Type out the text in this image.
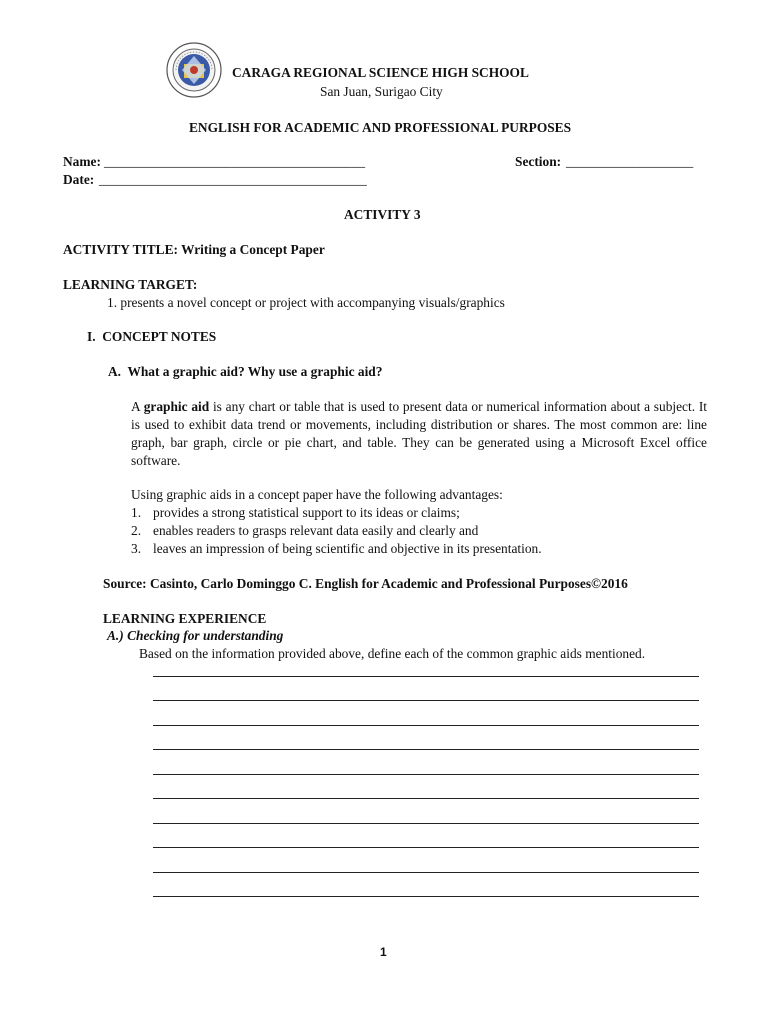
CARAGA REGIONAL SCIENCE HIGH SCHOOL
San Juan, Surigao City
ENGLISH FOR ACADEMIC AND PROFESSIONAL PURPOSES
Name: _______________________________________	Section: ___________________
Date: ________________________________________
ACTIVITY 3
ACTIVITY TITLE: Writing a Concept Paper
LEARNING TARGET:
1. presents a novel concept or project with accompanying visuals/graphics
I.  CONCEPT NOTES
A.  What a graphic aid? Why use a graphic aid?
A graphic aid is any chart or table that is used to present data or numerical information about a subject. It is used to exhibit data trend or movements, including distribution or shares. The most common are: line graph, bar graph, circle or pie chart, and table. They can be generated using a Microsoft Excel office software.
Using graphic aids in a concept paper have the following advantages:
1. provides a strong statistical support to its ideas or claims;
2. enables readers to grasps relevant data easily and clearly and
3. leaves an impression of being scientific and objective in its presentation.
Source: Casinto, Carlo Dominggo C. English for Academic and Professional Purposes©2016
LEARNING EXPERIENCE
A.) Checking for understanding
Based on the information provided above, define each of the common graphic aids mentioned.
1
